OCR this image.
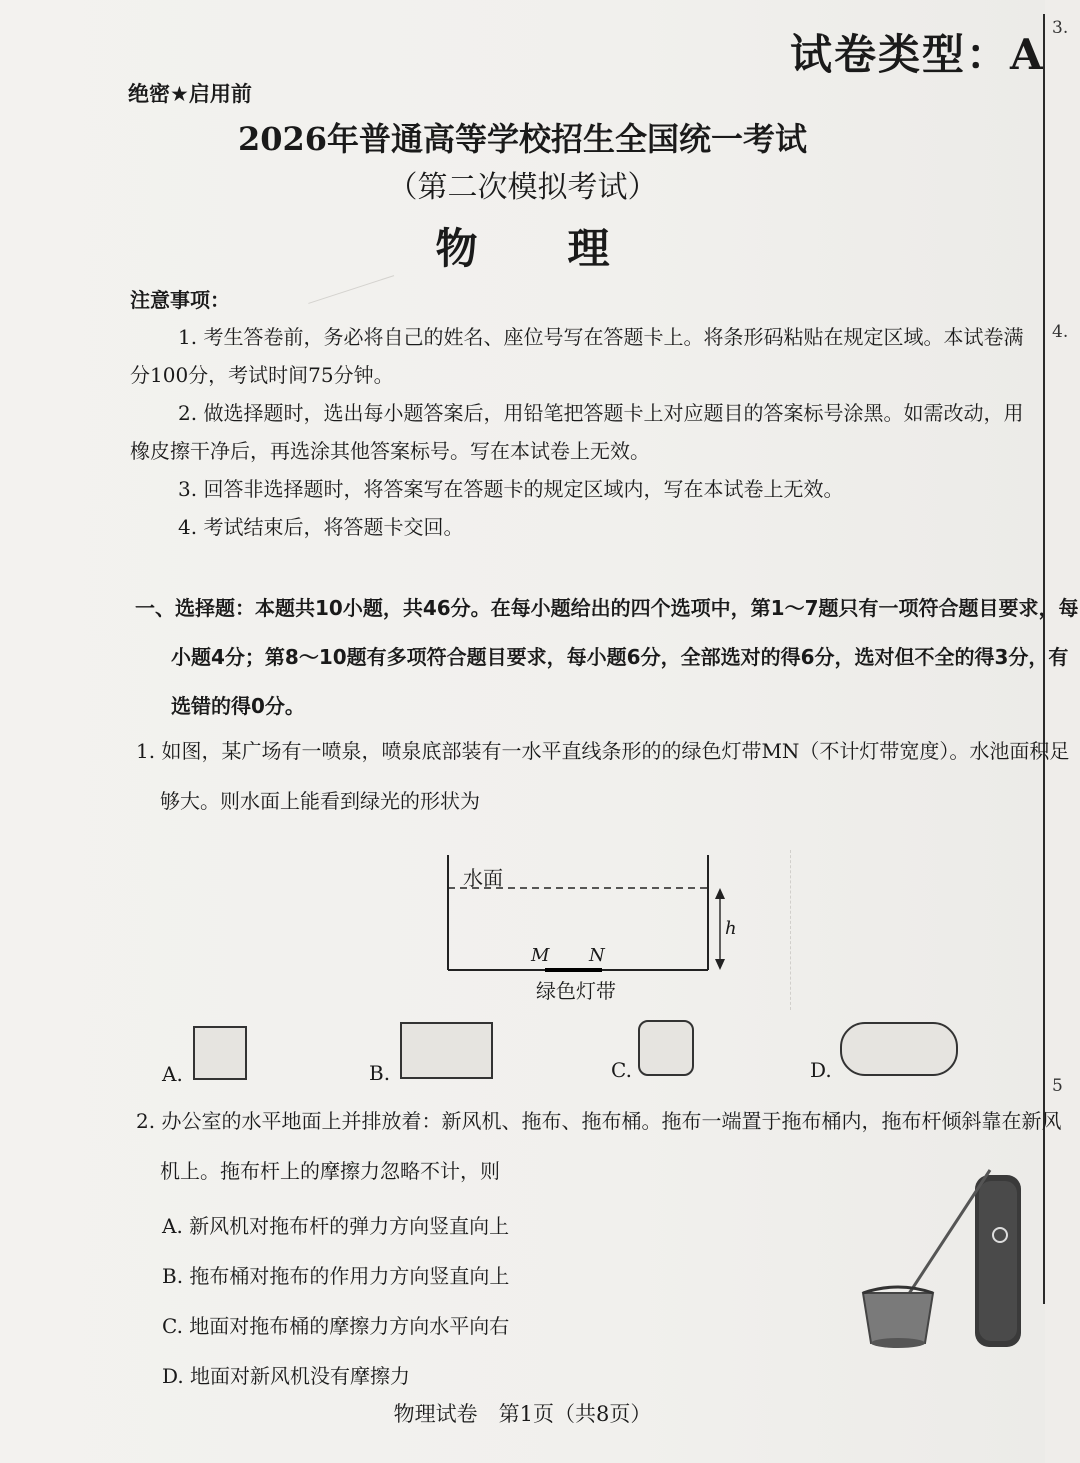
3.
4.
5
试卷类型：A
绝密★启用前
2026年普通高等学校招生全国统一考试
（第二次模拟考试）
物理
注意事项：

1. 考生答卷前，务必将自己的姓名、座位号写在答题卡上。将条形码粘贴在规定区域。本试卷满分100分，考试时间75分钟。

2. 做选择题时，选出每小题答案后，用铅笔把答题卡上对应题目的答案标号涂黑。如需改动，用橡皮擦干净后，再选涂其他答案标号。写在本试卷上无效。

3. 回答非选择题时，将答案写在答题卡的规定区域内，写在本试卷上无效。

4. 考试结束后，将答题卡交回。

一、选择题：本题共10小题，共46分。在每小题给出的四个选项中，第1～7题只有一项符合题目要求，每小题4分；第8～10题有多项符合题目要求，每小题6分，全部选对的得6分，选对但不全的得3分，有选错的得0分。
1. 如图，某广场有一喷泉，喷泉底部装有一水平直线条形的的绿色灯带MN（不计灯带宽度）。水池面积足够大。则水面上能看到绿光的形状为
水面
h
M N
绿色灯带
A.	B.	C.	D.
2. 办公室的水平地面上并排放着：新风机、拖布、拖布桶。拖布一端置于拖布桶内，拖布杆倾斜靠在新风机上。拖布杆上的摩擦力忽略不计，则
A. 新风机对拖布杆的弹力方向竖直向上
B. 拖布桶对拖布的作用力方向竖直向上
C. 地面对拖布桶的摩擦力方向水平向右
D. 地面对新风机没有摩擦力
物理试卷　第1页（共8页）
